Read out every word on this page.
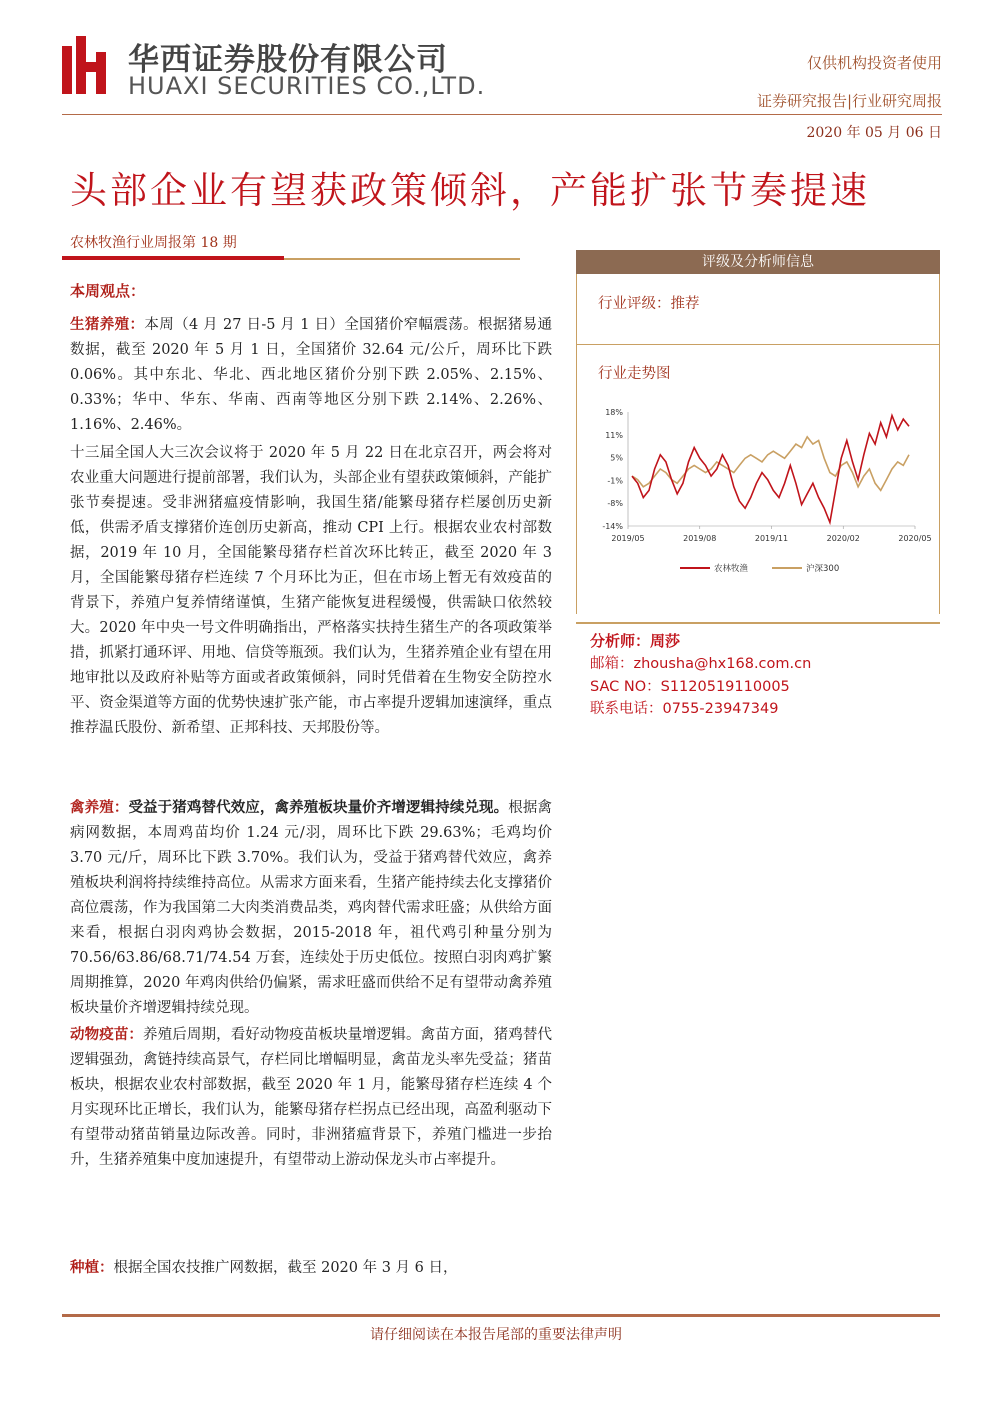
华西证券股份有限公司
HUAXI SECURITIES CO.,LTD.
仅供机构投资者使用
证券研究报告|行业研究周报
2020 年 05 月 06 日
头部企业有望获政策倾斜，产能扩张节奏提速
农林牧渔行业周报第 18 期
本周观点：
生猪养殖：本周（4 月 27 日-5 月 1 日）全国猪价窄幅震荡。根据猪易通数据，截至 2020 年 5 月 1 日，全国猪价 32.64 元/公斤，周环比下跌 0.06%。其中东北、华北、西北地区猪价分别下跌 2.05%、2.15%、0.33%；华中、华东、华南、西南等地区分别下跌 2.14%、2.26%、1.16%、2.46%。
十三届全国人大三次会议将于 2020 年 5 月 22 日在北京召开，两会将对农业重大问题进行提前部署，我们认为，头部企业有望获政策倾斜，产能扩张节奏提速。受非洲猪瘟疫情影响，我国生猪/能繁母猪存栏屡创历史新低，供需矛盾支撑猪价连创历史新高，推动 CPI 上行。根据农业农村部数据，2019 年 10 月，全国能繁母猪存栏首次环比转正，截至 2020 年 3 月，全国能繁母猪存栏连续 7 个月环比为正，但在市场上暂无有效疫苗的背景下，养殖户复养情绪谨慎，生猪产能恢复进程缓慢，供需缺口依然较大。2020 年中央一号文件明确指出，严格落实扶持生猪生产的各项政策举措，抓紧打通环评、用地、信贷等瓶颈。我们认为，生猪养殖企业有望在用地审批以及政府补贴等方面或者政策倾斜，同时凭借着在生物安全防控水平、资金渠道等方面的优势快速扩张产能，市占率提升逻辑加速演绎，重点推荐温氏股份、新希望、正邦科技、天邦股份等。
禽养殖：受益于猪鸡替代效应，禽养殖板块量价齐增逻辑持续兑现。根据禽病网数据，本周鸡苗均价 1.24 元/羽，周环比下跌 29.63%；毛鸡均价 3.70 元/斤，周环比下跌 3.70%。我们认为，受益于猪鸡替代效应，禽养殖板块利润将持续维持高位。从需求方面来看，生猪产能持续去化支撑猪价高位震荡，作为我国第二大肉类消费品类，鸡肉替代需求旺盛；从供给方面来看，根据白羽肉鸡协会数据，2015-2018 年，祖代鸡引种量分别为 70.56/63.86/68.71/74.54 万套，连续处于历史低位。按照白羽肉鸡扩繁周期推算，2020 年鸡肉供给仍偏紧，需求旺盛而供给不足有望带动禽养殖板块量价齐增逻辑持续兑现。
动物疫苗：养殖后周期，看好动物疫苗板块量增逻辑。禽苗方面，猪鸡替代逻辑强劲，禽链持续高景气，存栏同比增幅明显，禽苗龙头率先受益；猪苗板块，根据农业农村部数据，截至 2020 年 1 月，能繁母猪存栏连续 4 个月实现环比正增长，我们认为，能繁母猪存栏拐点已经出现，高盈利驱动下有望带动猪苗销量边际改善。同时，非洲猪瘟背景下，养殖门槛进一步抬升，生猪养殖集中度加速提升，有望带动上游动保龙头市占率提升。
种植：根据全国农技推广网数据，截至 2020 年 3 月 6 日，
评级及分析师信息
行业评级：推荐
行业走势图
18%
11%
5%
-1%
-8%
-14%
2019/05	2019/08	2019/11	2020/02	2020/05
农林牧渔	沪深300
分析师：周莎
邮箱：zhousha@hx168.com.cn
SAC NO：S1120519110005
联系电话：0755-23947349
请仔细阅读在本报告尾部的重要法律声明
